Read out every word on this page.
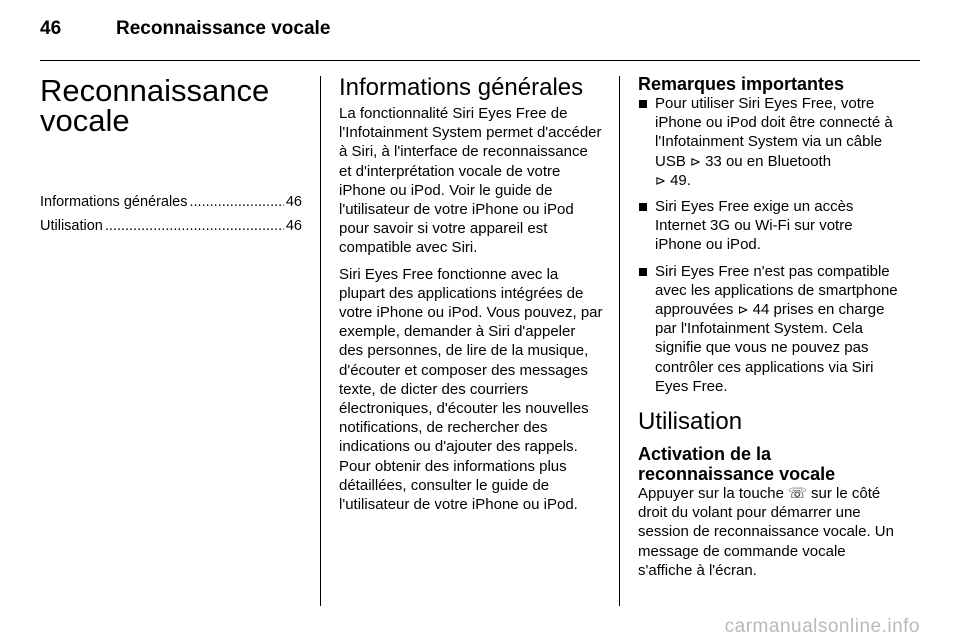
46	Reconnaissance vocale
Reconnaissance
vocale
Informations générales .....	46
Utilisation .....	46
Informations générales

La fonctionnalité Siri Eyes Free de l'Infotainment System permet d'accéder à Siri, à l'interface de reconnaissance et d'interprétation vocale de votre iPhone ou iPod. Voir le guide de l'utilisateur de votre iPhone ou iPod pour savoir si votre appareil est compatible avec Siri.

Siri Eyes Free fonctionne avec la plupart des applications intégrées de votre iPhone ou iPod. Vous pouvez, par exemple, demander à Siri d'appeler des personnes, de lire de la musique, d'écouter et composer des messages texte, de dicter des courriers électroniques, d'écouter les nouvelles notifications, de rechercher des indications ou d'ajouter des rappels. Pour obtenir des informations plus détaillées, consulter le guide de l'utilisateur de votre iPhone ou iPod.

Remarques importantes
Pour utiliser Siri Eyes Free, votre iPhone ou iPod doit être connecté à l'Infotainment System via un câble USB ⊳ 33 ou en Bluetooth
⊳ 49.
Siri Eyes Free exige un accès Internet 3G ou Wi-Fi sur votre iPhone ou iPod.
Siri Eyes Free n'est pas compatible avec les applications de smartphone approuvées ⊳ 44 prises en charge par l'Infotainment System. Cela signifie que vous ne pouvez pas contrôler ces applications via Siri Eyes Free.
Utilisation
Activation de la reconnaissance vocale

Appuyer sur la touche ☏ sur le côté droit du volant pour démarrer une session de reconnaissance vocale. Un message de commande vocale s'affiche à l'écran.

carmanualsonline.info
